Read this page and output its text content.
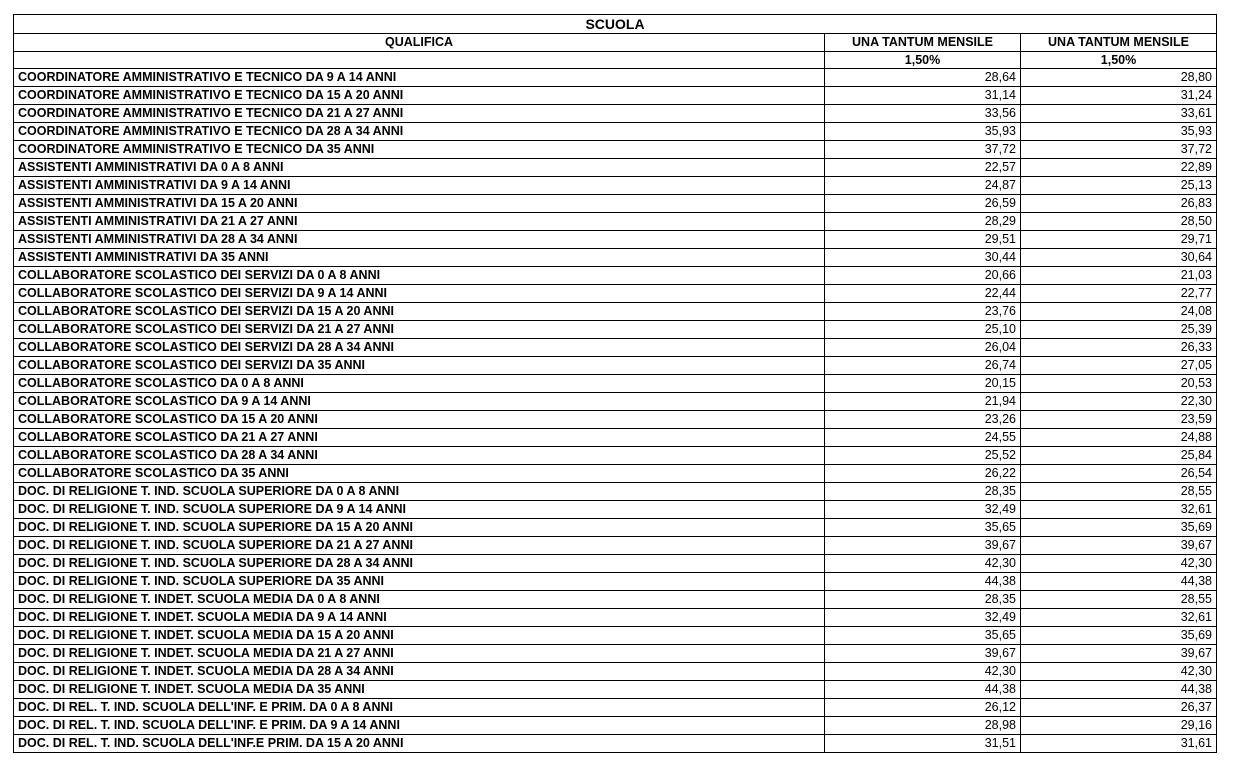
SCUOLA		
QUALIFICA	UNA TANTUM MENSILE	UNA TANTUM MENSILE
	1,50%	1,50%
COORDINATORE AMMINISTRATIVO E TECNICO DA 9 A 14 ANNI	28,64	28,80
COORDINATORE AMMINISTRATIVO E TECNICO DA 15 A 20 ANNI	31,14	31,24
COORDINATORE AMMINISTRATIVO E TECNICO DA 21 A 27 ANNI	33,56	33,61
COORDINATORE AMMINISTRATIVO E TECNICO DA 28 A 34 ANNI	35,93	35,93
COORDINATORE AMMINISTRATIVO E TECNICO DA 35 ANNI	37,72	37,72
ASSISTENTI AMMINISTRATIVI DA 0 A 8 ANNI	22,57	22,89
ASSISTENTI AMMINISTRATIVI DA 9 A 14 ANNI	24,87	25,13
ASSISTENTI AMMINISTRATIVI DA 15 A 20 ANNI	26,59	26,83
ASSISTENTI AMMINISTRATIVI DA 21 A 27 ANNI	28,29	28,50
ASSISTENTI AMMINISTRATIVI DA 28 A 34 ANNI	29,51	29,71
ASSISTENTI AMMINISTRATIVI DA 35 ANNI	30,44	30,64
COLLABORATORE SCOLASTICO DEI SERVIZI DA 0 A 8 ANNI	20,66	21,03
COLLABORATORE SCOLASTICO DEI SERVIZI DA 9 A 14 ANNI	22,44	22,77
COLLABORATORE SCOLASTICO DEI SERVIZI DA 15 A 20 ANNI	23,76	24,08
COLLABORATORE SCOLASTICO DEI SERVIZI DA 21 A 27 ANNI	25,10	25,39
COLLABORATORE SCOLASTICO DEI SERVIZI DA 28 A 34 ANNI	26,04	26,33
COLLABORATORE SCOLASTICO DEI SERVIZI DA 35 ANNI	26,74	27,05
COLLABORATORE SCOLASTICO DA 0 A 8 ANNI	20,15	20,53
COLLABORATORE SCOLASTICO DA 9 A 14 ANNI	21,94	22,30
COLLABORATORE SCOLASTICO DA 15 A 20 ANNI	23,26	23,59
COLLABORATORE SCOLASTICO DA 21 A 27 ANNI	24,55	24,88
COLLABORATORE SCOLASTICO DA 28 A 34 ANNI	25,52	25,84
COLLABORATORE SCOLASTICO DA 35 ANNI	26,22	26,54
DOC. DI RELIGIONE T. IND. SCUOLA SUPERIORE DA 0 A 8 ANNI	28,35	28,55
DOC. DI RELIGIONE T. IND. SCUOLA SUPERIORE DA 9 A 14 ANNI	32,49	32,61
DOC. DI RELIGIONE T. IND. SCUOLA SUPERIORE DA 15 A 20 ANNI	35,65	35,69
DOC. DI RELIGIONE T. IND. SCUOLA SUPERIORE DA 21 A 27 ANNI	39,67	39,67
DOC. DI RELIGIONE T. IND. SCUOLA SUPERIORE DA 28 A 34 ANNI	42,30	42,30
DOC. DI RELIGIONE T. IND. SCUOLA SUPERIORE DA 35 ANNI	44,38	44,38
DOC. DI RELIGIONE T. INDET. SCUOLA MEDIA DA 0 A 8 ANNI	28,35	28,55
DOC. DI RELIGIONE T. INDET. SCUOLA MEDIA DA 9 A 14 ANNI	32,49	32,61
DOC. DI RELIGIONE T. INDET. SCUOLA MEDIA DA 15 A 20 ANNI	35,65	35,69
DOC. DI RELIGIONE T. INDET. SCUOLA MEDIA DA 21 A 27 ANNI	39,67	39,67
DOC. DI RELIGIONE T. INDET. SCUOLA MEDIA DA 28 A 34 ANNI	42,30	42,30
DOC. DI RELIGIONE T. INDET. SCUOLA MEDIA DA 35 ANNI	44,38	44,38
DOC. DI REL. T. IND. SCUOLA DELL'INF. E PRIM. DA 0 A 8 ANNI	26,12	26,37
DOC. DI REL. T. IND. SCUOLA DELL'INF. E PRIM. DA 9 A 14 ANNI	28,98	29,16
DOC. DI REL. T. IND. SCUOLA DELL'INF.E PRIM. DA 15 A 20 ANNI	31,51	31,61
